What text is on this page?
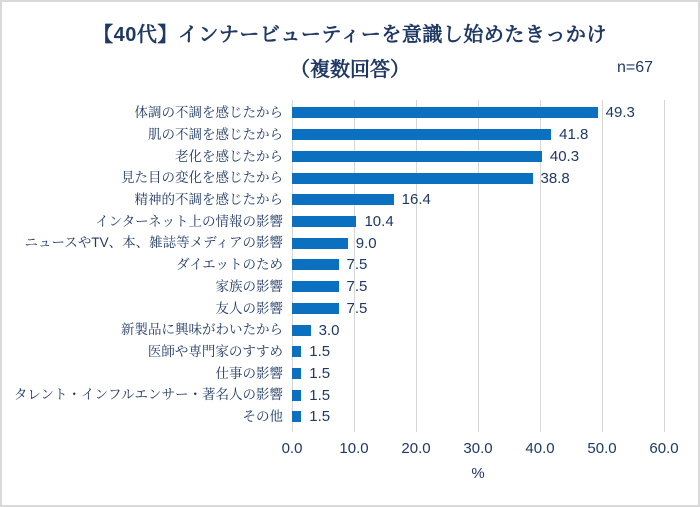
【40代】インナービューティーを意識し始めたきっかけ
（複数回答）	n=67
体調の不調を感じたから	49.3
肌の不調を感じたから	41.8
老化を感じたから	40.3
見た目の変化を感じたから	38.8
精神的不調を感じたから	16.4
インターネット上の情報の影響	10.4
ニュースやTV、本、雑誌等メディアの影響	9.0
ダイエットのため	7.5
家族の影響	7.5
友人の影響	7.5
新製品に興味がわいたから	3.0
医師や専門家のすすめ	1.5
仕事の影響	1.5
タレント・インフルエンサー・著名人の影響	1.5
その他	1.5
0.0 10.0 20.0 30.0 40.0 50.0 60.0
%
